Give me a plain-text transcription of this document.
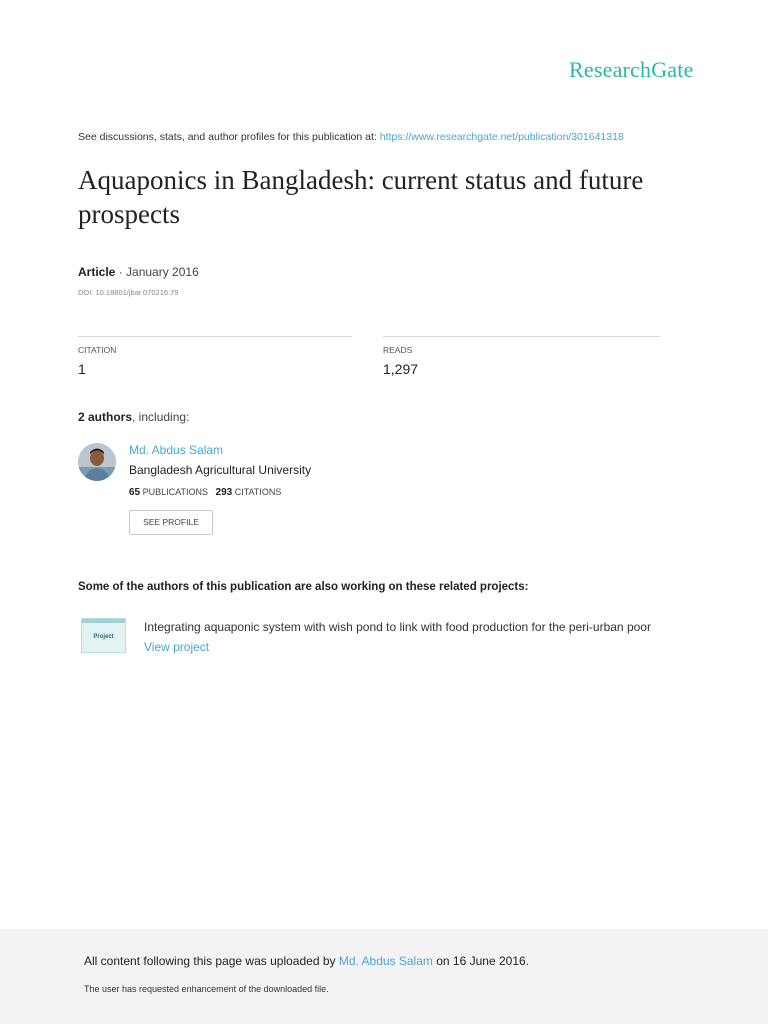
ResearchGate
See discussions, stats, and author profiles for this publication at: https://www.researchgate.net/publication/301641318
Aquaponics in Bangladesh: current status and future prospects
Article · January 2016
DOI: 10.18801/jbar.070216.79
CITATION
1
READS
1,297
2 authors, including:
Md. Abdus Salam
Bangladesh Agricultural University
65 PUBLICATIONS 293 CITATIONS
SEE PROFILE
Some of the authors of this publication are also working on these related projects:
Project
Integrating aquaponic system with wish pond to link with food production for the peri-urban poor
View project
All content following this page was uploaded by Md. Abdus Salam on 16 June 2016.
The user has requested enhancement of the downloaded file.
